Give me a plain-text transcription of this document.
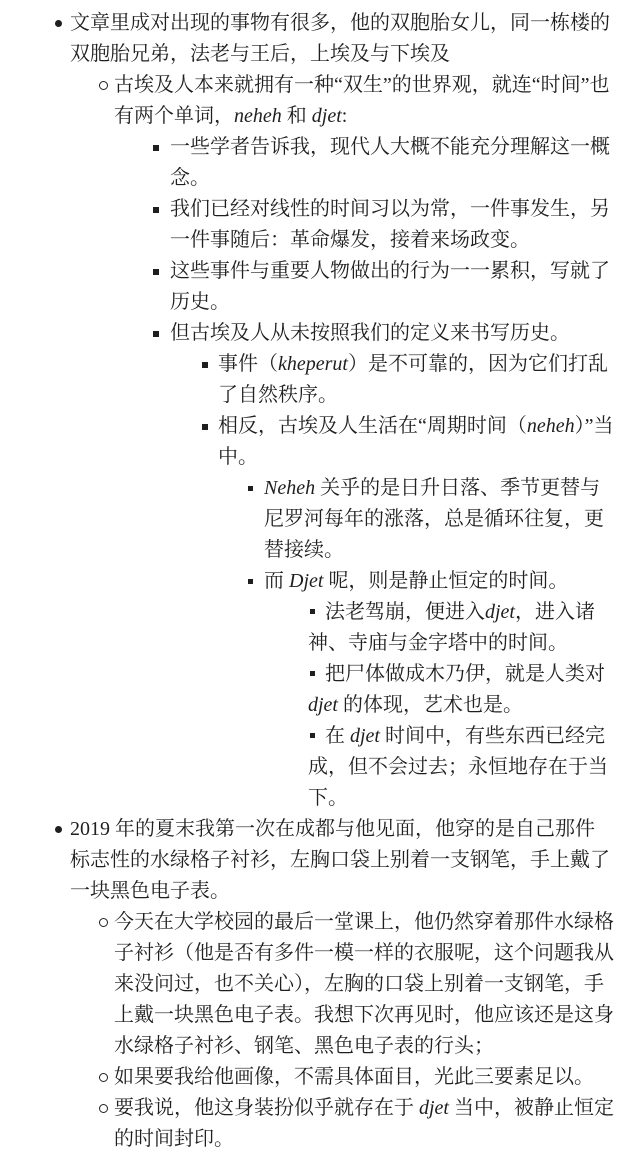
文章里成对出现的事物有很多，他的双胞胎女儿，同一栋楼的双胞胎兄弟，法老与王后，上埃及与下埃及
古埃及人本来就拥有一种“双生”的世界观，就连“时间”也有两个单词，neheh 和 djet:
一些学者告诉我，现代人大概不能充分理解这一概念。
我们已经对线性的时间习以为常，一件事发生，另一件事随后：革命爆发，接着来场政变。
这些事件与重要人物做出的行为一一累积，写就了历史。
但古埃及人从未按照我们的定义来书写历史。
事件（kheperut）是不可靠的，因为它们打乱了自然秩序。
相反，古埃及人生活在“周期时间（neheh）”当中。
Neheh 关乎的是日升日落、季节更替与尼罗河每年的涨落，总是循环往复，更替接续。
而 Djet 呢，则是静止恒定的时间。
法老驾崩，便进入djet，进入诸神、寺庙与金字塔中的时间。
把尸体做成木乃伊，就是人类对 djet 的体现，艺术也是。
在 djet 时间中，有些东西已经完成，但不会过去；永恒地存在于当下。
2019 年的夏末我第一次在成都与他见面，他穿的是自己那件标志性的水绿格子衬衫，左胸口袋上别着一支钢笔，手上戴了一块黑色电子表。
今天在大学校园的最后一堂课上，他仍然穿着那件水绿格子衬衫（他是否有多件一模一样的衣服呢，这个问题我从来没问过，也不关心），左胸的口袋上别着一支钢笔，手上戴一块黑色电子表。我想下次再见时，他应该还是这身水绿格子衬衫、钢笔、黑色电子表的行头；
如果要我给他画像，不需具体面目，光此三要素足以。
要我说，他这身装扮似乎就存在于 djet 当中，被静止恒定的时间封印。
